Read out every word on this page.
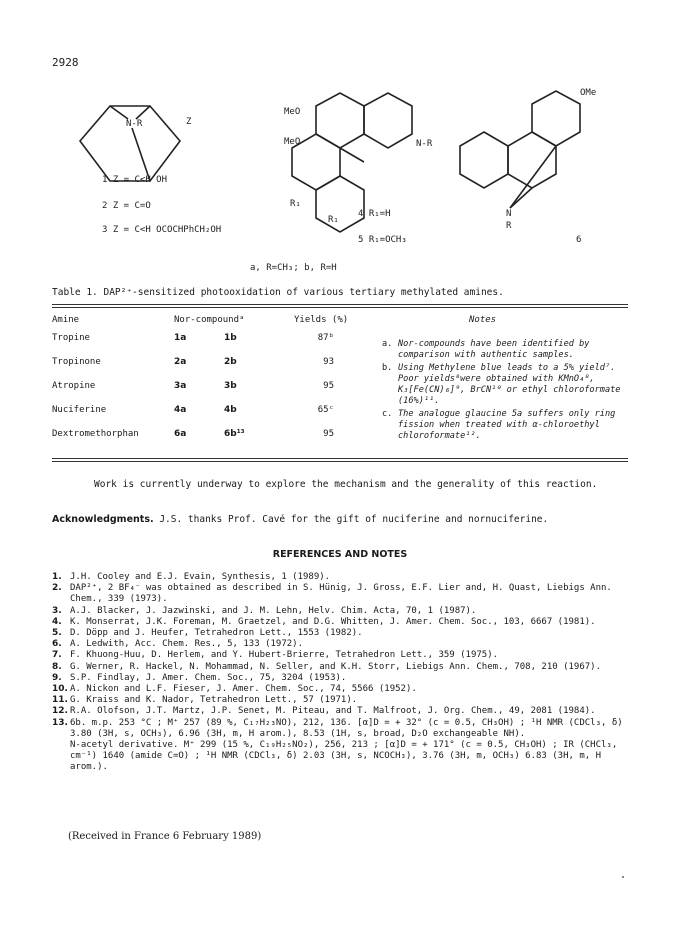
2928
N-R	Z
1 Z = C<H OH
2 Z = C=O
3 Z = C<H OCOCHPhCH₂OH
MeO
MeO	N-R
R₁
R₁
4 R₁=H
5 R₁=OCH₃
OMe
N
R
6
a, R=CH₃; b, R=H
Table 1. DAP²⁺-sensitized photooxidation of various tertiary methylated amines.
Amine	Nor-compoundᵃ	Yields (%)	Notes
Tropine	1a 1b	87ᵇ	
Tropinone	2a 2b	93	
Atropine	3a 3b	95	
Nuciferine	4a 4b	65ᶜ	
Dextromethorphan	6a 6b¹³	95	
a. Nor-compounds have been identified by comparison with authentic samples.
b. Using Methylene blue leads to a 5% yield⁷. Poor yields⁸were obtained with KMnO₄⁸, K₃[Fe(CN)₆]⁹, BrCN¹⁰ or ethyl chloroformate (16%)¹¹.
c. The analogue glaucine 5a suffers only ring fission when treated with α-chloroethyl chloroformate¹².
Work is currently underway to explore the mechanism and the generality of this reaction.
Acknowledgments. J.S. thanks Prof. Cavé for the gift of nuciferine and nornuciferine.
REFERENCES AND NOTES
1. J.H. Cooley and E.J. Evain, Synthesis, 1 (1989).
2. DAP²⁺, 2 BF₄⁻ was obtained as described in S. Hünig, J. Gross, E.F. Lier and, H. Quast, Liebigs Ann. Chem., 339 (1973).
3. A.J. Blacker, J. Jazwinski, and J. M. Lehn, Helv. Chim. Acta, 70, 1 (1987).
4. K. Monserrat, J.K. Foreman, M. Graetzel, and D.G. Whitten, J. Amer. Chem. Soc., 103, 6667 (1981).
5. D. Döpp and J. Heufer, Tetrahedron Lett., 1553 (1982).
6. A. Ledwith, Acc. Chem. Res., 5, 133 (1972).
7. F. Khuong-Huu, D. Herlem, and Y. Hubert-Brierre, Tetrahedron Lett., 359 (1975).
8. G. Werner, R. Hackel, N. Mohammad, N. Seller, and K.H. Storr, Liebigs Ann. Chem., 708, 210 (1967).
9. S.P. Findlay, J. Amer. Chem. Soc., 75, 3204 (1953).
10. A. Nickon and L.F. Fieser, J. Amer. Chem. Soc., 74, 5566 (1952).
11. G. Kraiss and K. Nador, Tetrahedron Lett., 57 (1971).
12. R.A. Olofson, J.T. Martz, J.P. Senet, M. Piteau, and T. Malfroot, J. Org. Chem., 49, 2081 (1984).
13. 6b. m.p. 253 °C ; M⁺ 257 (89 %, C₁₇H₂₃NO), 212, 136. [α]D = + 32° (c = 0.5, CH₃OH) ; ¹H NMR (CDCl₃, δ) 3.80 (3H, s, OCH₃), 6.96 (3H, m, H arom.), 8.53 (1H, s, broad, D₂O exchangeable NH).
N-acetyl derivative. M⁺ 299 (15 %, C₁₉H₂₅NO₂), 256, 213 ; [α]D = + 171° (c = 0.5, CH₃OH) ; IR (CHCl₃, cm⁻¹) 1640 (amide C=O) ; ¹H NMR (CDCl₃, δ) 2.03 (3H, s, NCOCH₃), 3.76 (3H, m, OCH₃) 6.83 (3H, m, H arom.).
(Received in France 6 February 1989)
